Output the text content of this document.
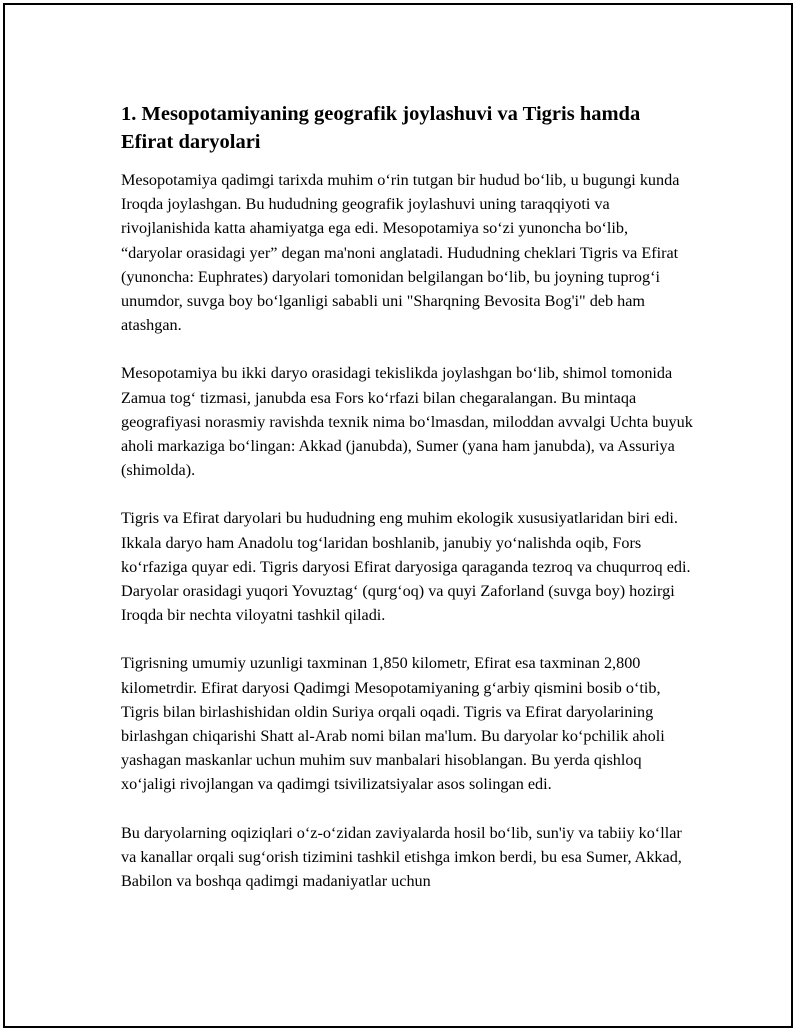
1. Mesopotamiyaning geografik joylashuvi va Tigris hamda Efirat daryolari

Mesopotamiya qadimgi tarixda muhim o‘rin tutgan bir hudud bo‘lib, u bugungi kunda Iroqda joylashgan. Bu hududning geografik joylashuvi uning taraqqiyoti va rivojlanishida katta ahamiyatga ega edi. Mesopotamiya so‘zi yunoncha bo‘lib, “daryolar orasidagi yer” degan ma'noni anglatadi. Hududning cheklari Tigris va Efirat (yunoncha: Euphrates) daryolari tomonidan belgilangan bo‘lib, bu joyning tuprog‘i unumdor, suvga boy bo‘lganligi sababli uni "Sharqning Bevosita Bog'i" deb ham atashgan.

Mesopotamiya bu ikki daryo orasidagi tekislikda joylashgan bo‘lib, shimol tomonida Zamua tog‘ tizmasi, janubda esa Fors ko‘rfazi bilan chegaralangan. Bu mintaqa geografiyasi norasmiy ravishda texnik nima bo‘lmasdan, miloddan avvalgi Uchta buyuk aholi markaziga bo‘lingan: Akkad (janubda), Sumer (yana ham janubda), va Assuriya (shimolda).

Tigris va Efirat daryolari bu hududning eng muhim ekologik xususiyatlaridan biri edi. Ikkala daryo ham Anadolu tog‘laridan boshlanib, janubiy yo‘nalishda oqib, Fors ko‘rfaziga quyar edi. Tigris daryosi Efirat daryosiga qaraganda tezroq va chuqurroq edi. Daryolar orasidagi yuqori Yovuztag‘ (qurg‘oq) va quyi Zaforland (suvga boy) hozirgi Iroqda bir nechta viloyatni tashkil qiladi.

Tigrisning umumiy uzunligi taxminan 1,850 kilometr, Efirat esa taxminan 2,800 kilometrdir. Efirat daryosi Qadimgi Mesopotamiyaning g‘arbiy qismini bosib o‘tib, Tigris bilan birlashishidan oldin Suriya orqali oqadi. Tigris va Efirat daryolarining birlashgan chiqarishi Shatt al-Arab nomi bilan ma'lum. Bu daryolar ko‘pchilik aholi yashagan maskanlar uchun muhim suv manbalari hisoblangan. Bu yerda qishloq xo‘jaligi rivojlangan va qadimgi tsivilizatsiyalar asos solingan edi.

Bu daryolarning oqiziqlari o‘z-o‘zidan zaviyalarda hosil bo‘lib, sun'iy va tabiiy ko‘llar va kanallar orqali sug‘orish tizimini tashkil etishga imkon berdi, bu esa Sumer, Akkad, Babilon va boshqa qadimgi madaniyatlar uchun
